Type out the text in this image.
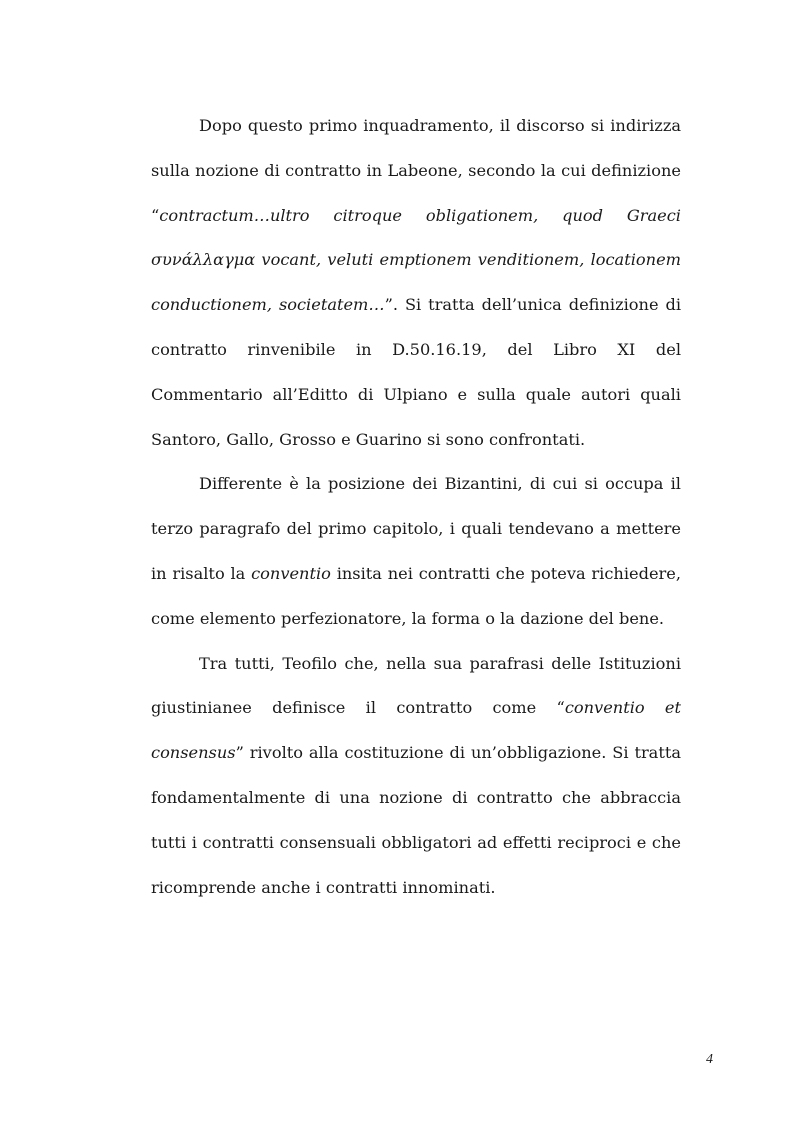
Dopo questo primo inquadramento, il discorso si indirizza sulla nozione di contratto in Labeone, secondo la cui definizione “contractum…ultro citroque obligationem, quod Graeci συνάλλαγμα vocant, veluti emptionem venditionem, locationem conductionem, societatem…”. Si tratta dell’unica definizione di contratto rinvenibile in D.50.16.19, del Libro XI del Commentario all’Editto di Ulpiano e sulla quale autori quali Santoro, Gallo, Grosso e Guarino si sono confrontati.

Differente è la posizione dei Bizantini, di cui si occupa il terzo paragrafo del primo capitolo, i quali tendevano a mettere in risalto la conventio insita nei contratti che poteva richiedere, come elemento perfezionatore, la forma o la dazione del bene.

Tra tutti, Teofilo che, nella sua parafrasi delle Istituzioni giustinianee definisce il contratto come “conventio et consensus” rivolto alla costituzione di un’obbligazione. Si tratta fondamentalmente di una nozione di contratto che abbraccia tutti i contratti consensuali obbligatori ad effetti reciproci e che ricomprende anche i contratti innominati.

4
